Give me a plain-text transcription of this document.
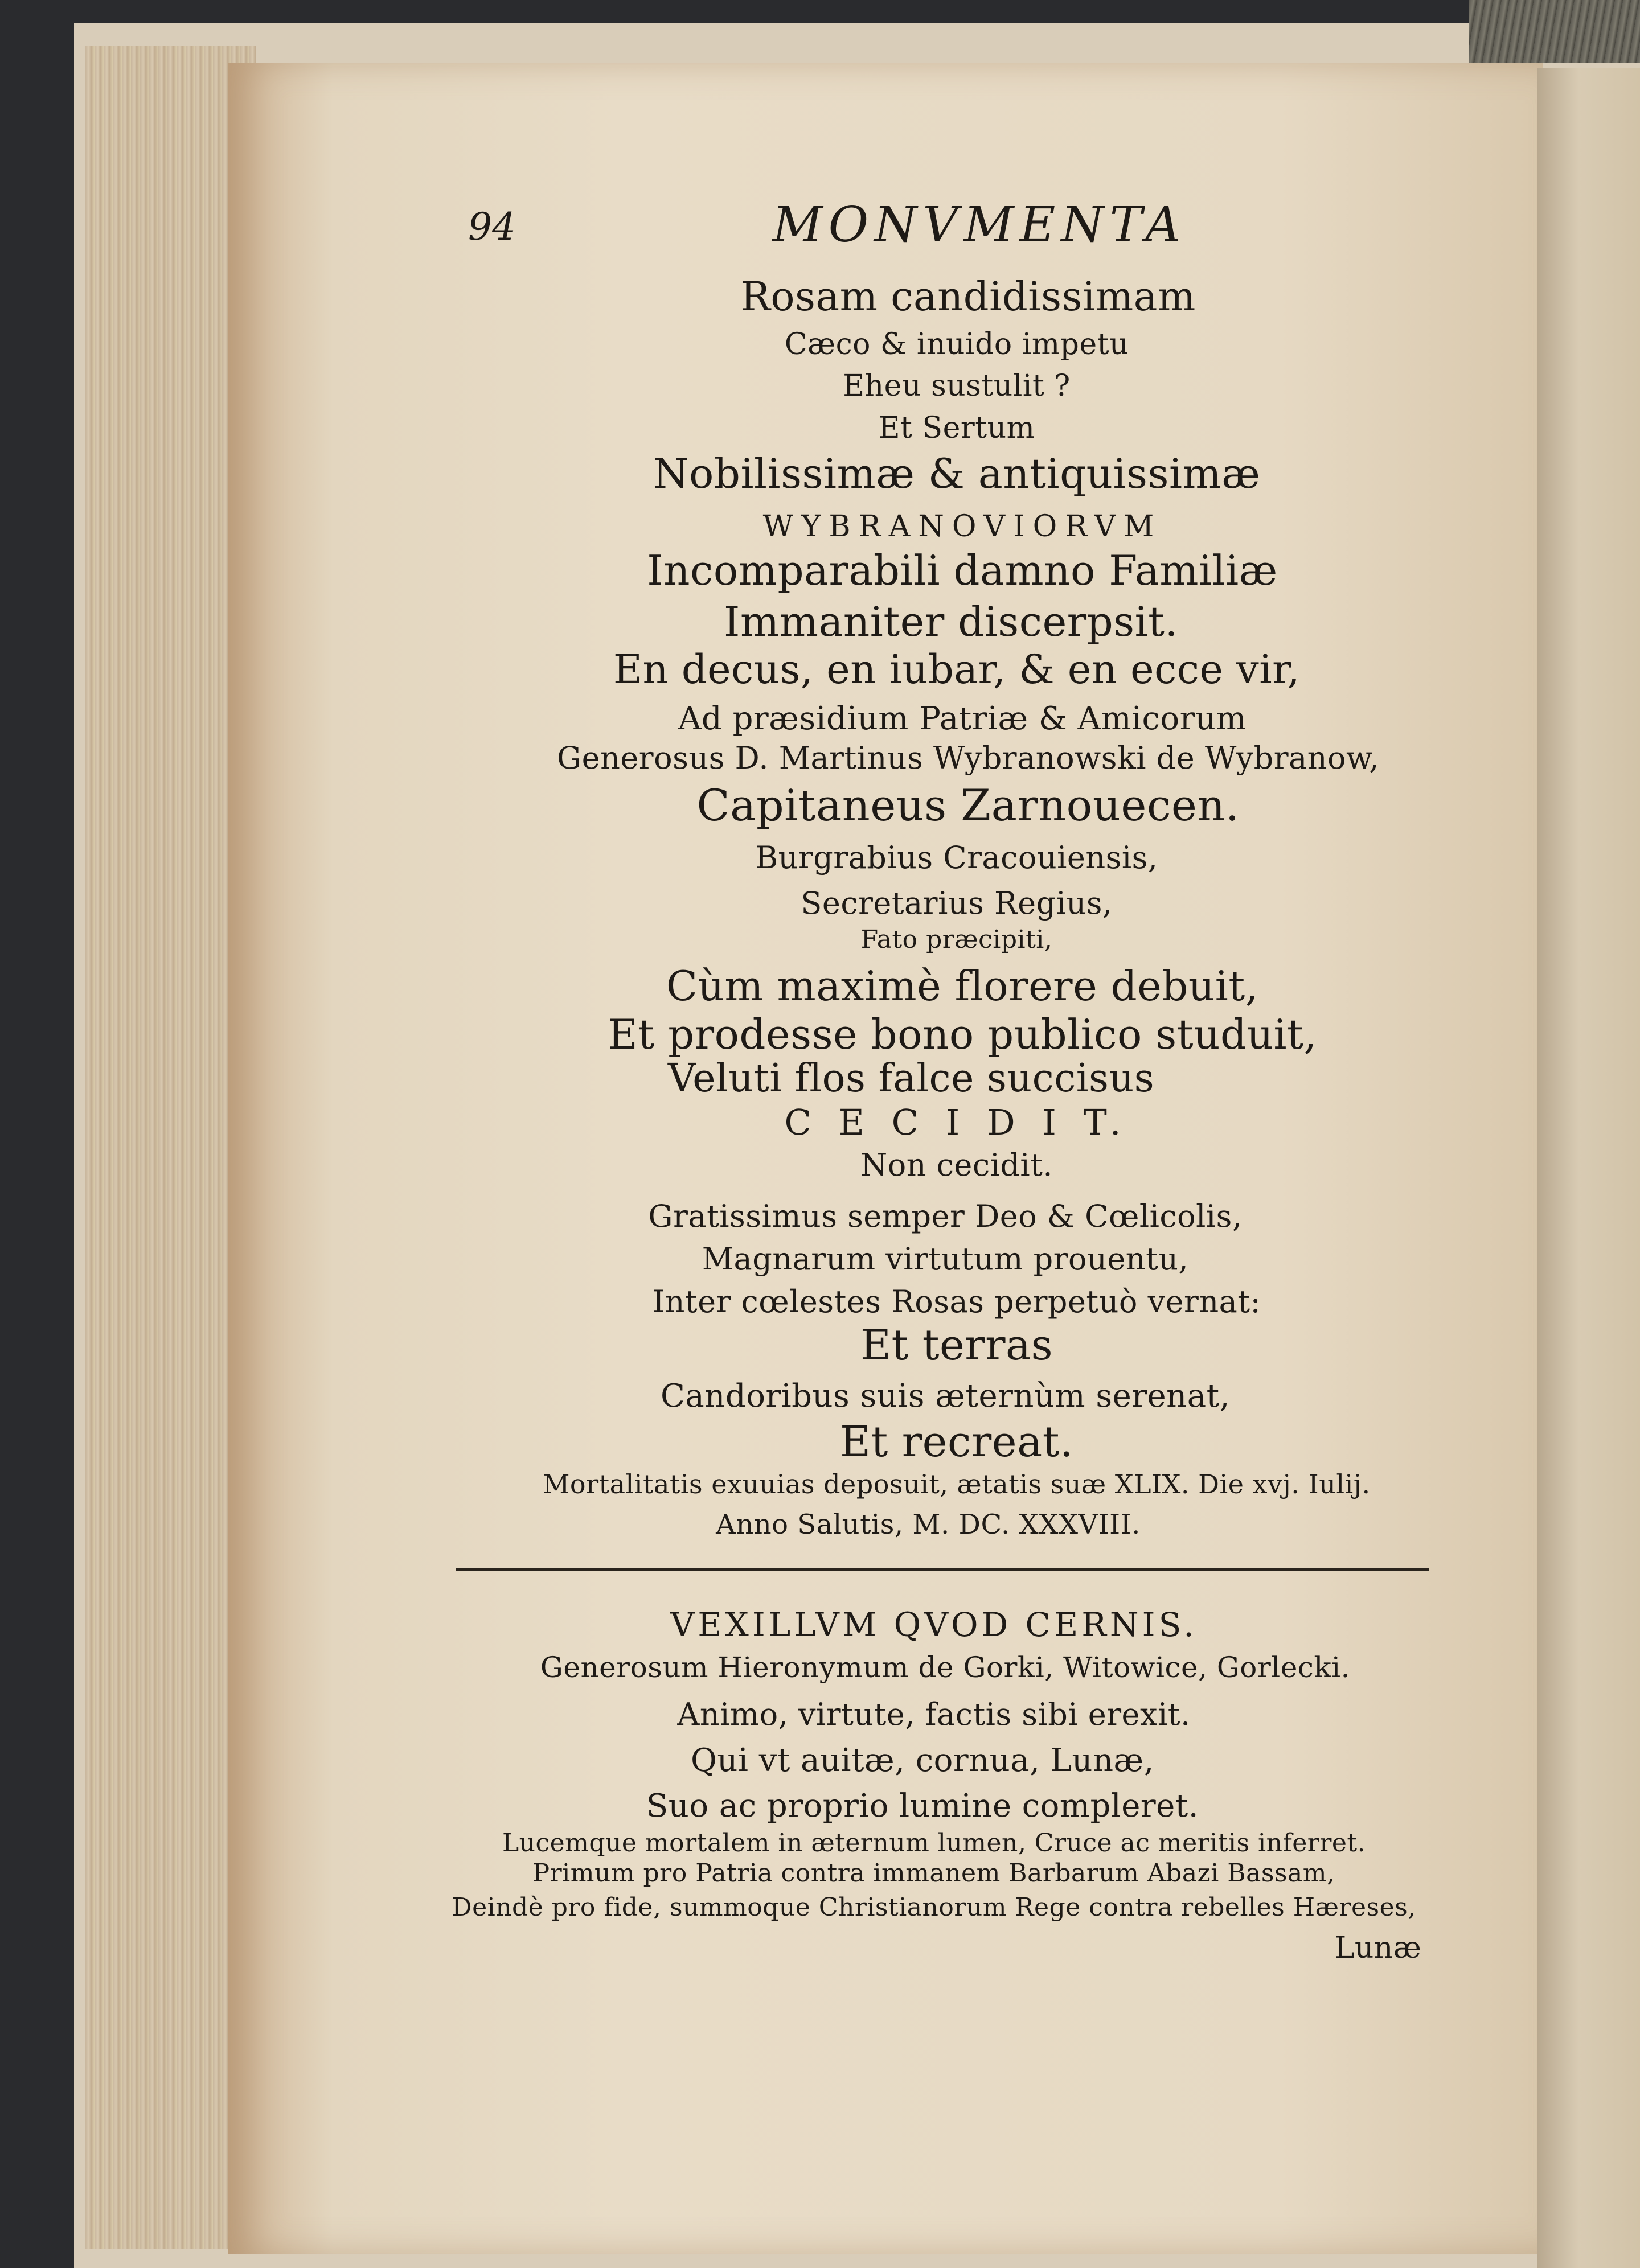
94	MONVMENTA
Rosam candidissimam
Cæco & inuido impetu
Eheu sustulit ?
Et Sertum
Nobilissimæ & antiquissimæ
WYBRANOVIORVM
Incomparabili damno Familiæ
Immaniter discerpsit.
En decus, en iubar, & en ecce vir,
Ad præsidium Patriæ & Amicorum
Generosus D. Martinus Wybranowski de Wybranow,
Capitaneus Zarnouecen.
Burgrabius Cracouiensis,
Secretarius Regius,
Fato præcipiti,
Cùm maximè florere debuit,
Et prodesse bono publico studuit,
Veluti flos falce succisus
C E C I D I T.
Non cecidit.
Gratissimus semper Deo & Cœlicolis,
Magnarum virtutum prouentu,
Inter cœlestes Rosas perpetuò vernat:
Et terras
Candoribus suis æternùm serenat,
Et recreat.
Mortalitatis exuuias deposuit, ætatis suæ XLIX. Die xvj. Iulij.
Anno Salutis, M. DC. XXXVIII.
VEXILLVM QVOD CERNIS.
Generosum Hieronymum de Gorki, Witowice, Gorlecki.
Animo, virtute, factis sibi erexit.
Qui vt auitæ, cornua, Lunæ,
Suo ac proprio lumine compleret.
Lucemque mortalem in æternum lumen, Cruce ac meritis inferret.
Primum pro Patria contra immanem Barbarum Abazi Bassam,
Deindè pro fide, summoque Christianorum Rege contra rebelles Hæreses,
Lunæ
